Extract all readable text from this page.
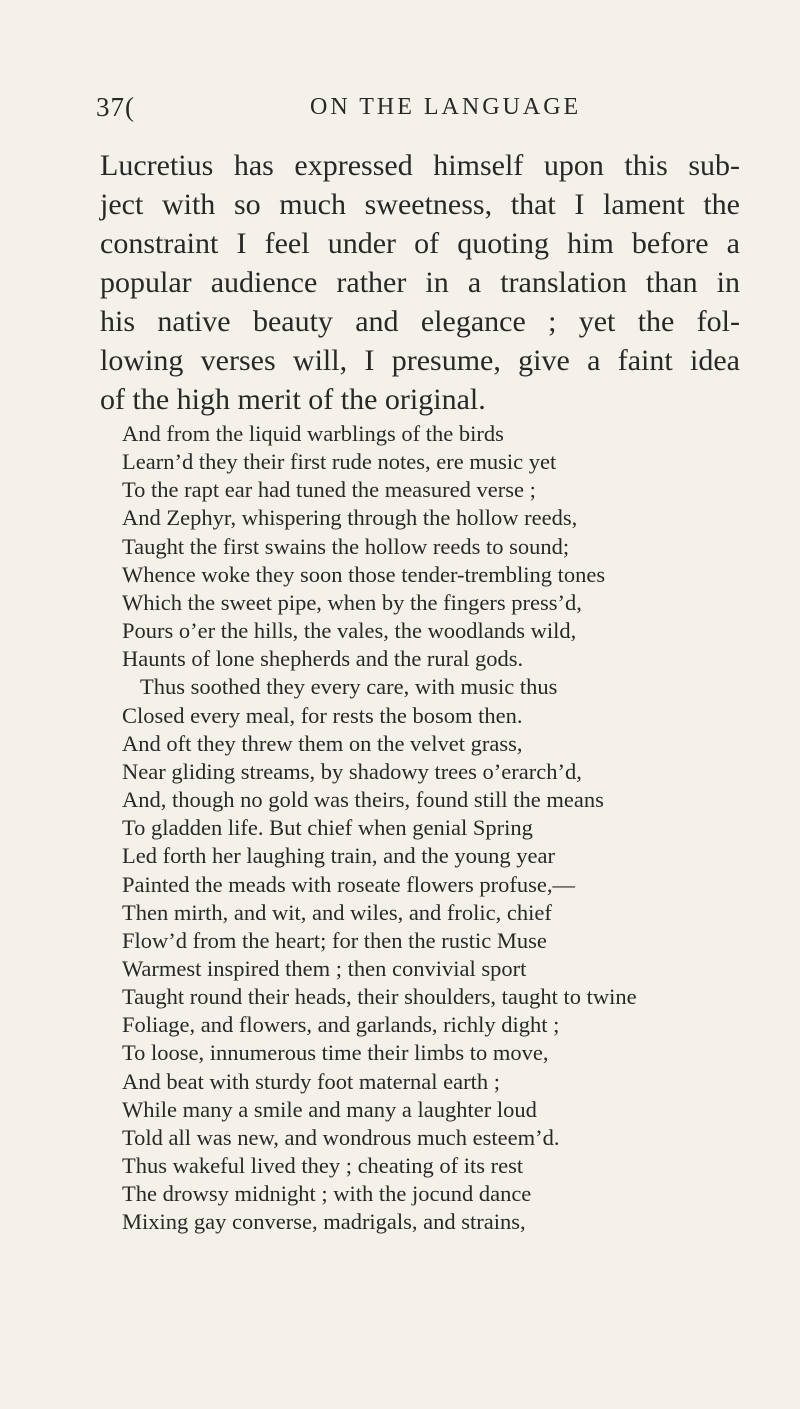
37(	ON THE LANGUAGE
Lucretius has expressed himself upon this sub-
ject with so much sweetness, that I lament the
constraint I feel under of quoting him before a
popular audience rather in a translation than in
his native beauty and elegance ; yet the fol-
lowing verses will, I presume, give a faint idea
of the high merit of the original.
And from the liquid warblings of the birds
Learn’d they their first rude notes, ere music yet
To the rapt ear had tuned the measured verse ;
And Zephyr, whispering through the hollow reeds,
Taught the first swains the hollow reeds to sound;
Whence woke they soon those tender-trembling tones
Which the sweet pipe, when by the fingers press’d,
Pours o’er the hills, the vales, the woodlands wild,
Haunts of lone shepherds and the rural gods.
Thus soothed they every care, with music thus
Closed every meal, for rests the bosom then.
And oft they threw them on the velvet grass,
Near gliding streams, by shadowy trees o’erarch’d,
And, though no gold was theirs, found still the means
To gladden life. But chief when genial Spring
Led forth her laughing train, and the young year
Painted the meads with roseate flowers profuse,—
Then mirth, and wit, and wiles, and frolic, chief
Flow’d from the heart; for then the rustic Muse
Warmest inspired them ; then convivial sport
Taught round their heads, their shoulders, taught to twine
Foliage, and flowers, and garlands, richly dight ;
To loose, innumerous time their limbs to move,
And beat with sturdy foot maternal earth ;
While many a smile and many a laughter loud
Told all was new, and wondrous much esteem’d.
Thus wakeful lived they ; cheating of its rest
The drowsy midnight ; with the jocund dance
Mixing gay converse, madrigals, and strains,
